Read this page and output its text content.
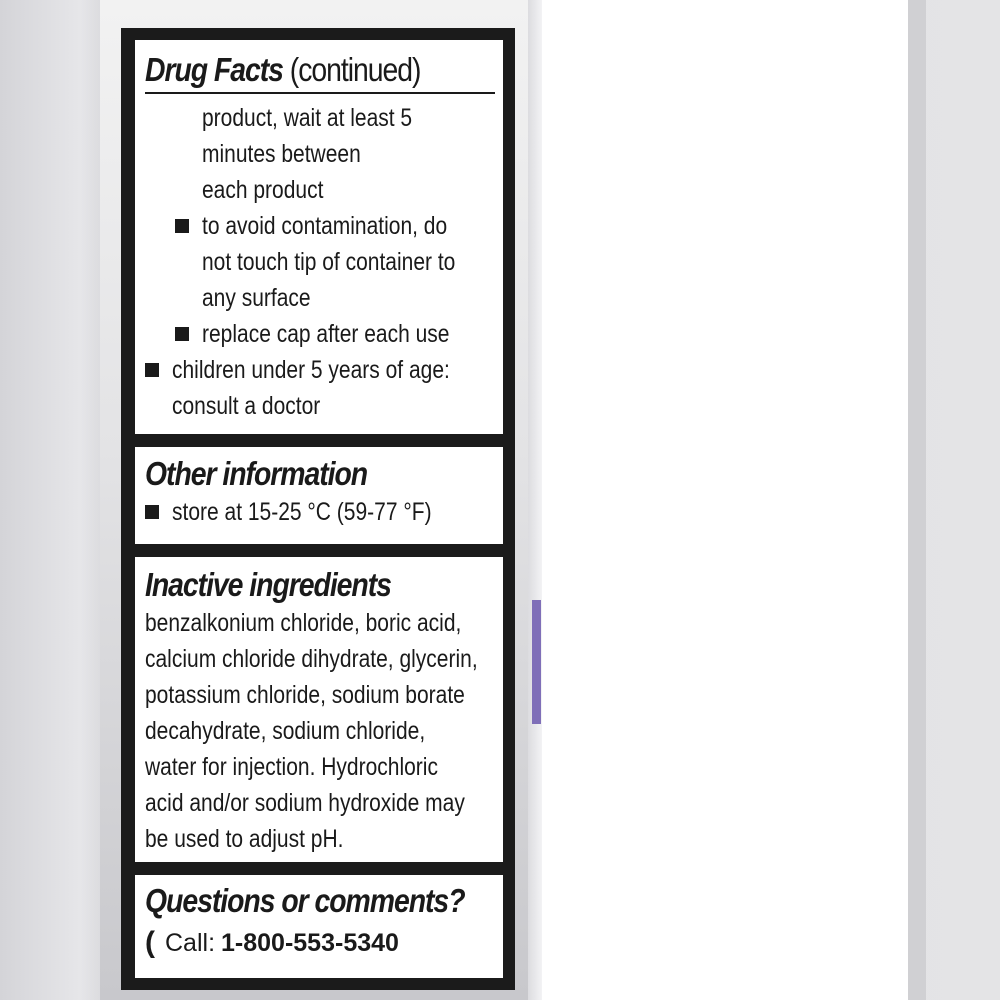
Drug Facts (continued)
product, wait at least 5
minutes between
each product
to avoid contamination, do
not touch tip of container to
any surface
replace cap after each use
children under 5 years of age:
consult a doctor
Other information
store at 15-25 °C (59-77 °F)
Inactive ingredients
benzalkonium chloride, boric acid,
calcium chloride dihydrate, glycerin,
potassium chloride, sodium borate
decahydrate, sodium chloride,
water for injection. Hydrochloric
acid and/or sodium hydroxide may
be used to adjust pH.
Questions or comments?
( Call: 1-800-553-5340
